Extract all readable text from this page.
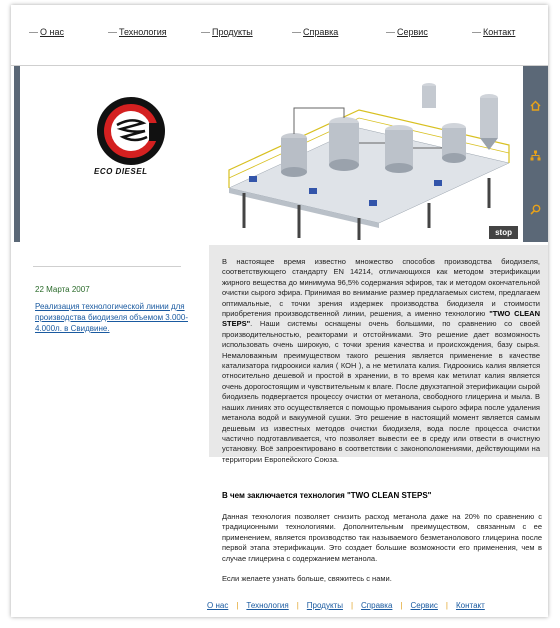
О нас	Технология	Продукты	Справка	Сервис	Контакт
ECO DIESEL
stop
22 Марта 2007
Реализация технологической линии для производства биодизеля объемом 3.000-4.000л. в Свидвине.

В настоящее время известно множество способов производства биодизеля, соответствующего стандарту EN 14214, отличающихся как методом этерификации жирного вещества до минимума 96,5% содержания эфиров, так и методом окончательной очистки сырого эфира. Принимая во внимание размер предлагаемых систем, предлагаем оптимальные, с точки зрения издержек производства биодизеля и стоимости приобретения производственной линии, решения, а именно технологию "TWO CLEAN STEPS". Наши системы оснащены очень большими, по сравнению со своей производительностью, реакторами и отстойниками. Это решение дает возможность использовать очень широкую, с точки зрения качества и происхождения, базу сырья. Немаловажным преимуществом такого решения является применение в качестве катализатора гидроокиси калия ( КОН ), а не метилата калия. Гидроокись калия является относительно дешевой и простой в хранении, в то время как метилат калия является очень дорогостоящим и чувствительным к влаге. После двухэтапной этерификации сырой биодизель подвергается процессу очистки от метанола, свободного глицерина и мыла. В наших линиях это осуществляется с помощью промывания сырого эфира после удаления метанола водой и вакуумной сушки. Это решение в настоящий момент является самым дешевым из известных методов очистки биодизеля, вода после процесса очистки частично подготавливается, что позволяет вывести ее в среду или отвести в очистную установку. Всё запроектировано в соответствии с законоположениями, действующими на территории Европейского Союза.

В чем заключается технология "TWO CLEAN STEPS"

Данная технология позволяет снизить расход метанола даже на 20% по сравнению с традиционными технологиями. Дополнительным преимуществом, связанным с ее применением, является производство так называемого безметанолового глицерина после первой этапа этерификации. Это создает большие возможности его применения, чем в случае глицерина с содержанием метанола.

Если желаете узнать больше, свяжитесь с нами.

О нас | Технология | Продукты | Справка | Сервис | Контакт
